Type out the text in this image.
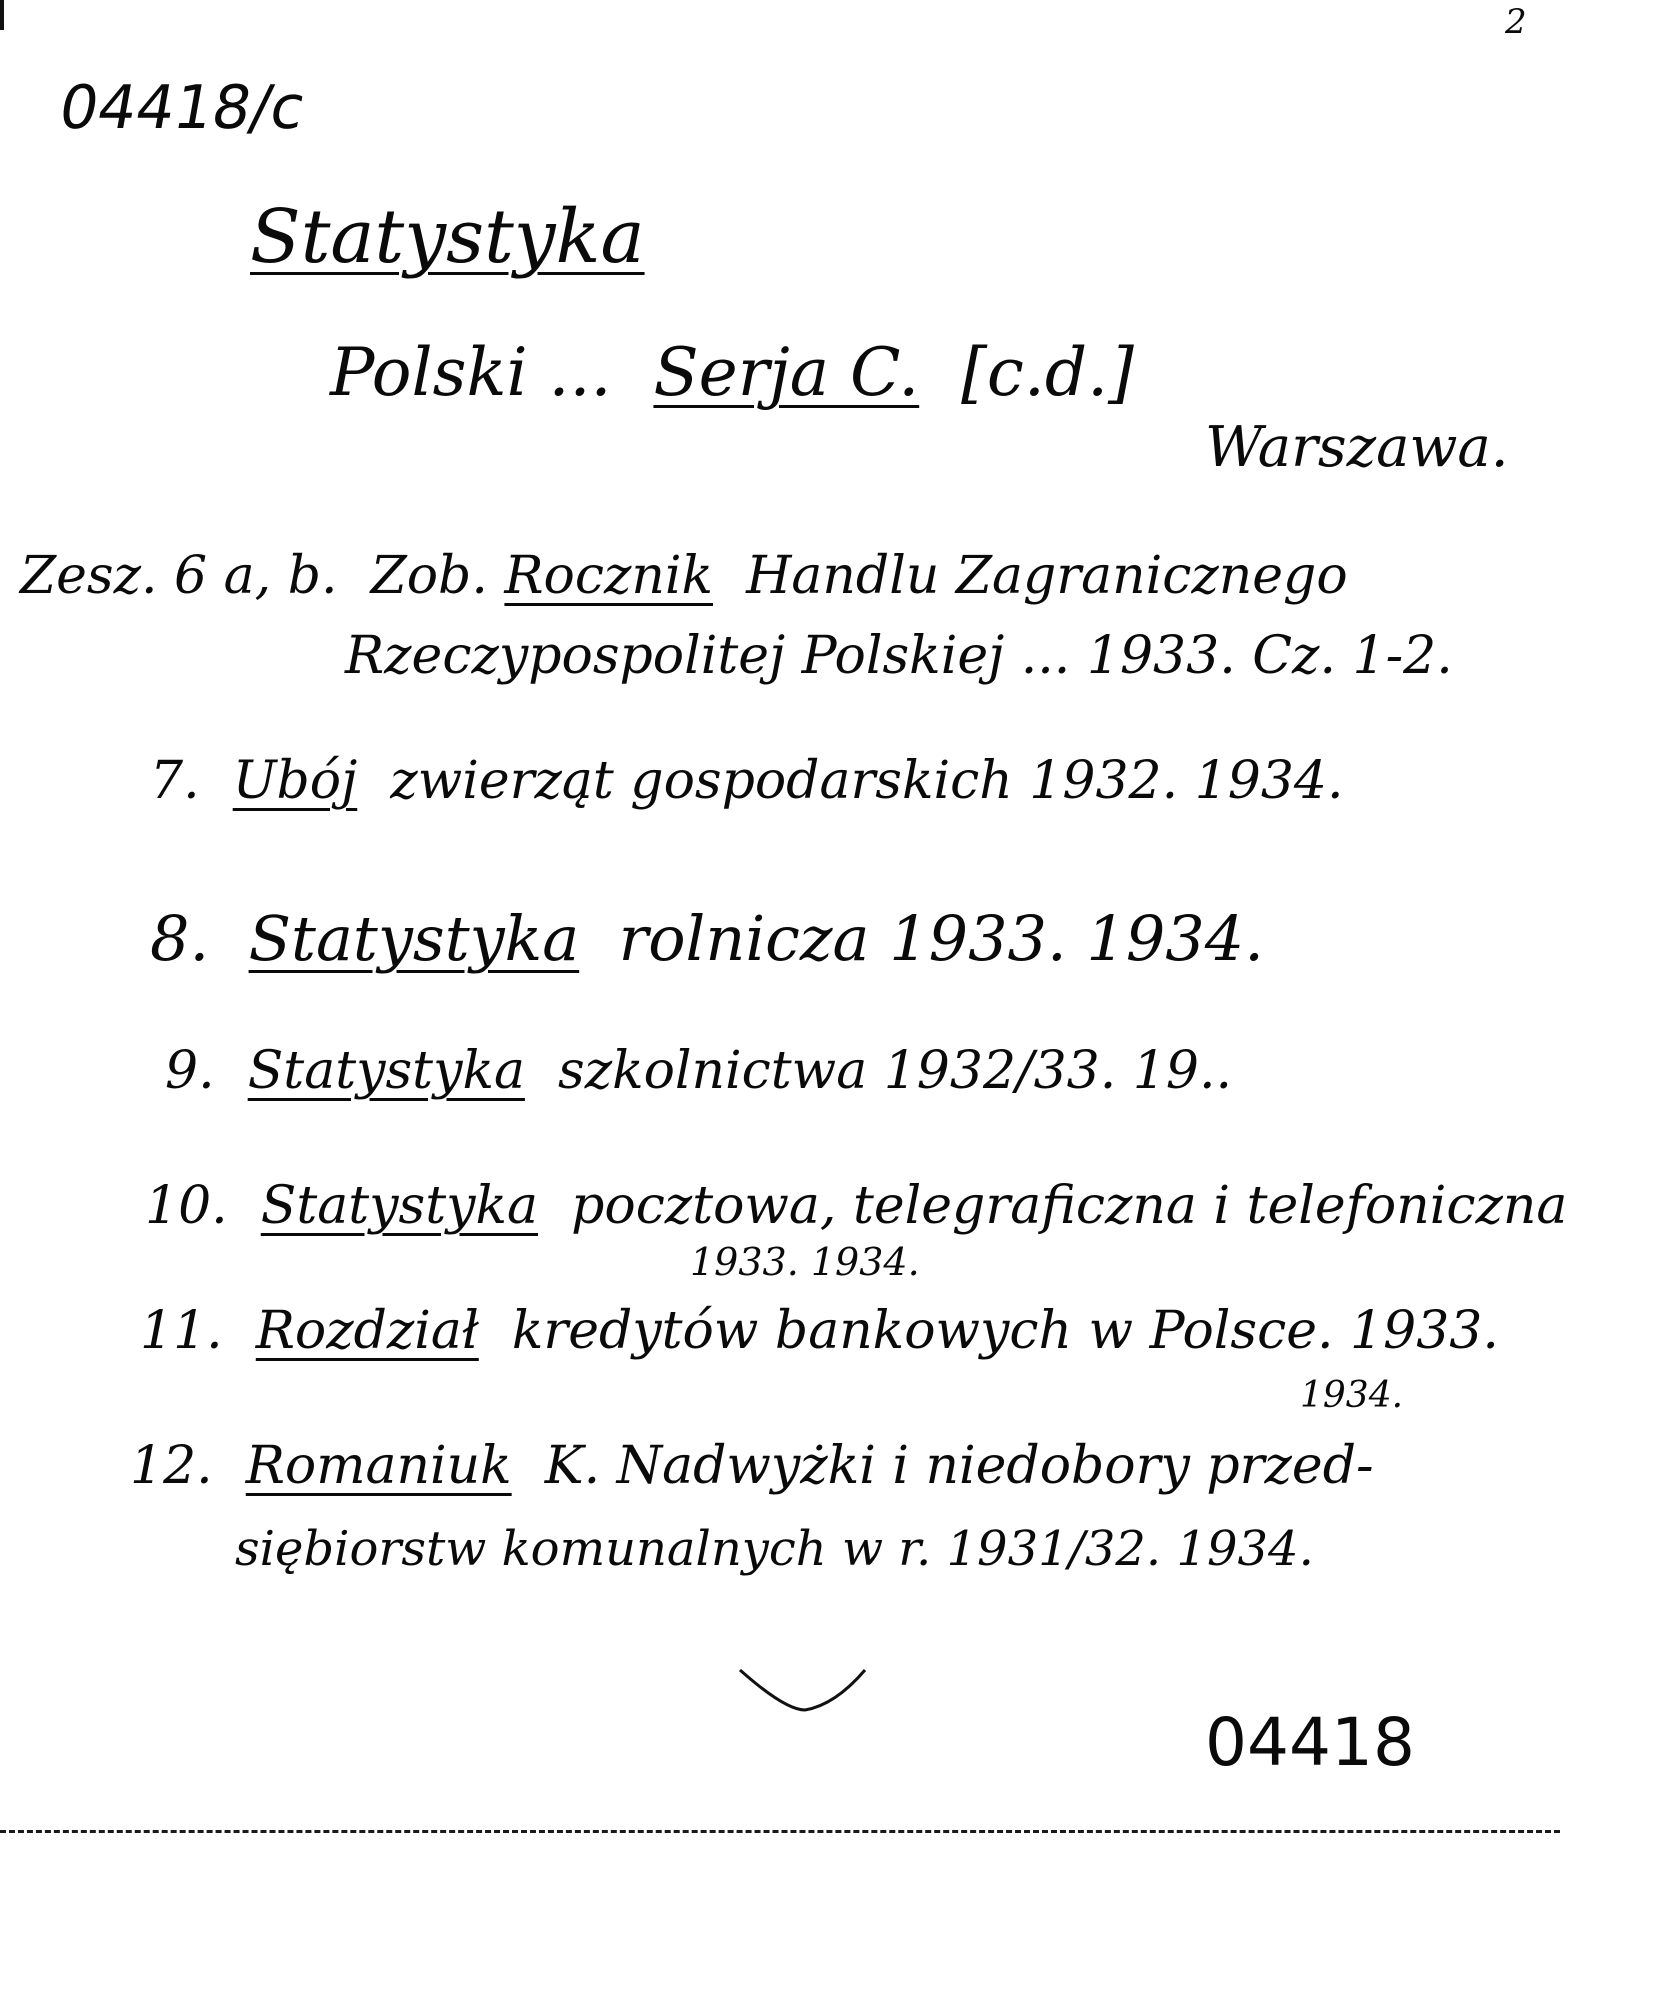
2
04418/c
Statystyka
Polski ... Serja C. [c.d.]
Warszawa.
Zesz. 6 a, b. Zob. Rocznik Handlu Zagranicznego
Rzeczypospolitej Polskiej ... 1933. Cz. 1-2.
7. Ubój zwierząt gospodarskich 1932. 1934.
8. Statystyka rolnicza 1933. 1934.
9. Statystyka szkolnictwa 1932/33. 19..
10. Statystyka pocztowa, telegraficzna i telefoniczna
1933. 1934.
11. Rozdział kredytów bankowych w Polsce. 1933.
1934.
12. Romaniuk K. Nadwyżki i niedobory przed-
siębiorstw komunalnych w r. 1931/32. 1934.
04418
